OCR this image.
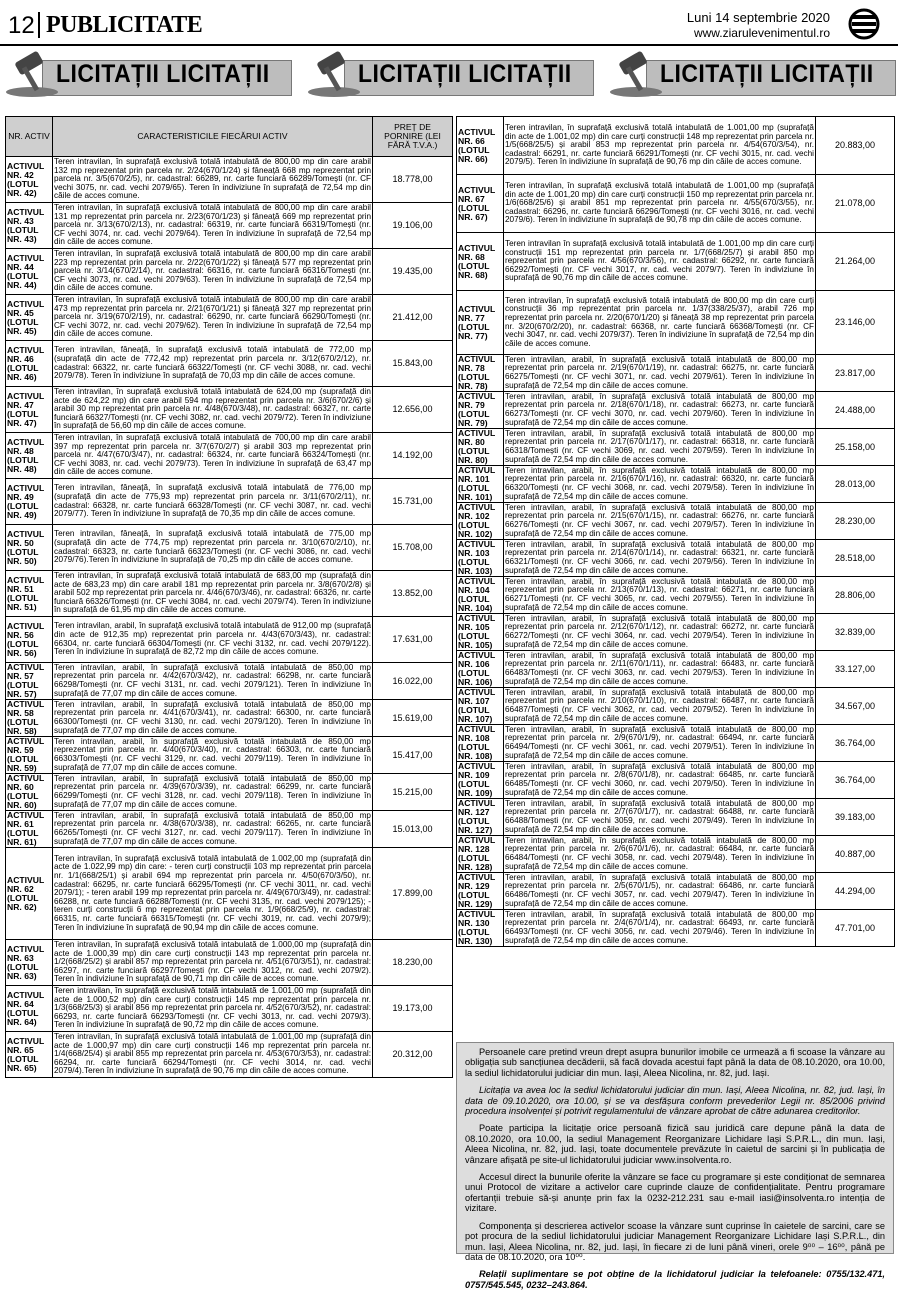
12 PUBLICITATE	Luni 14 septembrie 2020
www.ziarulevenimentul.ro
LICITAȚII LICITAȚII	LICITAȚII LICITAȚII	LICITAȚII LICITAȚII
NR. ACTIV	CARACTERISTICILE FIECĂRUI ACTIV	PREȚ DE PORNIRE (LEI FĂRĂ T.V.A.)
ACTIVUL NR. 42 (LOTUL NR. 42)	Teren intravilan, în suprafață exclusivă totală intabulată de 800,00 mp din care arabil 132 mp reprezentat prin parcela nr. 2/24(670/1/24) și fâneață 668 mp reprezentat prin parcela nr. 3/5(670/2/5), nr. cadastral: 66289, nr. carte funciară 66289/Tomești (nr. CF vechi 3075, nr. cad. vechi 2079/65). Teren în indiviziune în suprafață de 72,54 mp din căile de acces comune.	18.778,00
ACTIVUL NR. 43 (LOTUL NR. 43)	Teren intravilan, în suprafață exclusivă totală intabulată de 800,00 mp din care arabil 131 mp reprezentat prin parcela nr. 2/23(670/1/23) și fâneață 669 mp reprezentat prin parcela nr. 3/13(670/2/13), nr. cadastral: 66319, nr. carte funciară 66319/Tomești (nr. CF vechi 3074, nr. cad. vechi 2079/64). Teren în indiviziune în suprafață de 72,54 mp din căile de acces comune.	19.106,00
ACTIVUL NR. 44 (LOTUL NR. 44)	Teren intravilan, în suprafață exclusivă totală intabulată de 800,00 mp din care arabil 223 mp reprezentat prin parcela nr. 2/22(670/1/22) și fâneață 577 mp reprezentat prin parcela nr. 3/14(670/2/14), nr. cadastral: 66316, nr. carte funciară 66316/Tomești (nr. CF vechi 3073, nr. cad. vechi 2079/63). Teren în indiviziune în suprafață de 72,54 mp din căile de acces comune.	19.435,00
ACTIVUL NR. 45 (LOTUL NR. 45)	Teren intravilan, în suprafață exclusivă totală intabulată de 800,00 mp din care arabil 473 mp reprezentat prin parcela nr. 2/21(670/1/21) și fâneață 327 mp reprezentat prin parcela nr. 3/19(670/2/19), nr. cadastral: 66290, nr. carte funciară 66290/Tomești (nr. CF vechi 3072, nr. cad. vechi 2079/62). Teren în indiviziune în suprafață de 72,54 mp din căile de acces comune.	21.412,00
ACTIVUL NR. 46 (LOTUL NR. 46)	Teren intravilan, fâneață, în suprafață exclusivă totală intabulată de 772,00 mp (suprafață din acte de 772,42 mp) reprezentat prin parcela nr. 3/12(670/2/12), nr. cadastral: 66322, nr. carte funciară 66322/Tomești (nr. CF vechi 3088, nr. cad. vechi 2079/78). Teren în indiviziune în suprafață de 70,03 mp din căile de acces comune.	15.843,00
ACTIVUL NR. 47 (LOTUL NR. 47)	Teren intravilan, în suprafață exclusivă totală intabulată de 624,00 mp (suprafață din acte de 624,22 mp) din care arabil 594 mp reprezentat prin parcela nr. 3/6(670/2/6) și arabil 30 mp reprezentat prin parcela nr. 4/48(670/3/48), nr. cadastral: 66327, nr. carte funciară 66327/Tomești (nr. CF vechi 3082, nr. cad. vechi 2079/72). Teren în indiviziune în suprafață de 56,60 mp din căile de acces comune.	12.656,00
ACTIVUL NR. 48 (LOTUL NR. 48)	Teren intravilan, în suprafață exclusivă totală intabulată de 700,00 mp din care arabil 397 mp reprezentat prin parcela nr. 3/7(670/2/7) și arabil 303 mp reprezentat prin parcela nr. 4/47(670/3/47), nr. cadastral: 66324, nr. carte funciară 66324/Tomești (nr. CF vechi 3083, nr. cad. vechi 2079/73). Teren în indiviziune în suprafață de 63,47 mp din căile de acces comune.	14.192,00
ACTIVUL NR. 49 (LOTUL NR. 49)	Teren intravilan, fâneață, în suprafață exclusivă totală intabulată de 776,00 mp (suprafață din acte de 775,93 mp) reprezentat prin parcela nr. 3/11(670/2/11), nr. cadastral: 66328, nr. carte funciară 66328/Tomești (nr. CF vechi 3087, nr. cad. vechi 2079/77). Teren în indiviziune în suprafață de 70,35 mp din căile de acces comune.	15.731,00
ACTIVUL NR. 50 (LOTUL NR. 50)	Teren intravilan, fâneață, în suprafață exclusivă totală intabulată de 775,00 mp (suprafață din acte de 774,75 mp) reprezentat prin parcela nr. 3/10(670/2/10), nr. cadastral: 66323, nr. carte funciară 66323/Tomești (nr. CF vechi 3086, nr. cad. vechi 2079/76).Teren în indiviziune în suprafață de 70,25 mp din căile de acces comune.	15.708,00
ACTIVUL NR. 51 (LOTUL NR. 51)	Teren intravilan, în suprafață exclusivă totală intabulată de 683,00 mp (suprafață din acte de 683,23 mp) din care arabil 181 mp reprezentat prin parcela nr. 3/8(670/2/8) și arabil 502 mp reprezentat prin parcela nr. 4/46(670/3/46), nr. cadastral: 66326, nr. carte funciară 66326/Tomești (nr. CF vechi 3084, nr. cad. vechi 2079/74). Teren în indiviziune în suprafață de 61,95 mp din căile de acces comune.	13.852,00
ACTIVUL NR. 56 (LOTUL NR. 56)	Teren intravilan, arabil, în suprafață exclusivă totală intabulată de 912,00 mp (suprafață din acte de 912,35 mp) reprezentat prin parcela nr. 4/43(670/3/43), nr. cadastral: 66304, nr. carte funciară 66304/Tomești (nr. CF vechi 3132, nr. cad. vechi 2079/122). Teren în indiviziune în suprafață de 82,72 mp din căile de acces comune.	17.631,00
ACTIVUL NR. 57 (LOTUL NR. 57)	Teren intravilan, arabil, în suprafață exclusivă totală intabulată de 850,00 mp reprezentat prin parcela nr. 4/42(670/3/42), nr. cadastral: 66298, nr. carte funciară 66298/Tomești (nr. CF vechi 3131, nr. cad. vechi 2079/121). Teren în indiviziune în suprafață de 77,07 mp din căile de acces comune.	16.022,00
ACTIVUL NR. 58 (LOTUL NR. 58)	Teren intravilan, arabil, în suprafață exclusivă totală intabulată de 850,00 mp reprezentat prin parcela nr. 4/41(670/3/41), nr. cadastral: 66300, nr. carte funciară 66300/Tomești (nr. CF vechi 3130, nr. cad. vechi 2079/120). Teren în indiviziune în suprafață de 77,07 mp din căile de acces comune.	15.619,00
ACTIVUL NR. 59 (LOTUL NR. 59)	Teren intravilan, arabil, în suprafață exclusivă totală intabulată de 850,00 mp reprezentat prin parcela nr. 4/40(670/3/40), nr. cadastral: 66303, nr. carte funciară 66303/Tomești (nr. CF vechi 3129, nr. cad. vechi 2079/119). Teren în indiviziune în suprafață de 77,07 mp din căile de acces comune.	15.417,00
ACTIVUL NR. 60 (LOTUL NR. 60)	Teren intravilan, arabil, în suprafață exclusivă totală intabulată de 850,00 mp reprezentat prin parcela nr. 4/39(670/3/39), nr. cadastral: 66299, nr. carte funciară 66299/Tomești (nr. CF vechi 3128, nr. cad. vechi 2079/118). Teren în indiviziune în suprafață de 77,07 mp din căile de acces comune.	15.215,00
ACTIVUL NR. 61 (LOTUL NR. 61)	Teren intravilan, arabil, în suprafață exclusivă totală intabulată de 850,00 mp reprezentat prin parcela nr. 4/38(670/3/38), nr. cadastral: 66265, nr. carte funciară 66265/Tomești (nr. CF vechi 3127, nr. cad. vechi 2079/117). Teren în indiviziune în suprafață de 77,07 mp din căile de acces comune.	15.013,00
ACTIVUL NR. 62 (LOTUL NR. 62)	Teren intravilan, în suprafață exclusivă totală intabulată de 1.002,00 mp (suprafață din acte de 1.022,99 mp) din care: - teren curți construcții 103 mp reprezentat prin parcela nr. 1/1(668/25/1) și arabil 694 mp reprezentat prin parcela nr. 4/50(670/3/50), nr. cadastral: 66295, nr. carte funciară 66295/Tomești (nr. CF vechi 3011, nr. cad. vechi 2079/1); - teren arabil 199 mp reprezentat prin parcela nr. 4/49(670/3/49), nr. cadastral: 66288, nr. carte funciară 66288/Tomești (nr. CF vechi 3135, nr. cad. vechi 2079/125); - teren curți construcții 6 mp reprezentat prin parcela nr. 1/9(668/25/9), nr. cadastral: 66315, nr. carte funciară 66315/Tomești (nr. CF vechi 3019, nr. cad. vechi 2079/9); Teren în indiviziune în suprafață de 90,94 mp din căile de acces comune.	17.899,00
ACTIVUL NR. 63 (LOTUL NR. 63)	Teren intravilan, în suprafață exclusivă totală intabulată de 1.000,00 mp (suprafață din acte de 1.000,39 mp) din care curți construcții 143 mp reprezentat prin parcela nr. 1/2(668/25/2) și arabil 857 mp reprezentat prin parcela nr. 4/51(670/3/51), nr. cadastral: 66297, nr. carte funciară 66297/Tomești (nr. CF vechi 3012, nr. cad. vechi 2079/2). Teren în indiviziune în suprafață de 90,71 mp din căile de acces comune.	18.230,00
ACTIVUL NR. 64 (LOTUL NR. 64)	Teren intravilan, în suprafață exclusivă totală intabulată de 1.001,00 mp (suprafață din acte de 1.000,52 mp) din care curți construcții 145 mp reprezentat prin parcela nr. 1/3(668/25/3) și arabil 856 mp reprezentat prin parcela nr. 4/52(670/3/52), nr. cadastral: 66293, nr. carte funciară 66293/Tomești (nr. CF vechi 3013, nr. cad. vechi 2079/3). Teren în indiviziune în suprafață de 90,72 mp din căile de acces comune.	19.173,00
ACTIVUL NR. 65 (LOTUL NR. 65)	Teren intravilan, în suprafață exclusivă totală intabulată de 1.001,00 mp (suprafață din acte de 1.000,97 mp) din care curți construcții 146 mp reprezentat prin parcela nr. 1/4(668/25/4) și arabil 855 mp reprezentat prin parcela nr. 4/53(670/3/53), nr. cadastral: 66294, nr. carte funciară 66294/Tomești (nr. CF vechi 3014, nr. cad. vechi 2079/4).Teren în indiviziune în suprafață de 90,76 mp din căile de acces comune.	20.312,00
ACTIVUL NR. 66 (LOTUL NR. 66)	Teren intravilan, în suprafață exclusivă totală intabulată de 1.001,00 mp (suprafață din acte de 1.001,02 mp) din care curți construcții 148 mp reprezentat prin parcela nr. 1/5(668/25/5) și arabil 853 mp reprezentat prin parcela nr. 4/54(670/3/54), nr. cadastral: 66291, nr. carte funciară 66291/Tomești (nr. CF vechi 3015, nr. cad. vechi 2079/5). Teren în indiviziune în suprafață de 90,76 mp din căile de acces comune.	20.883,00
ACTIVUL NR. 67 (LOTUL NR. 67)	Teren intravilan, în suprafață exclusivă totală intabulată de 1.001,00 mp (suprafață din acte de 1.001,20 mp) din care curți construcții 150 mp reprezentat prin parcela nr. 1/6(668/25/6) și arabil 851 mp reprezentat prin parcela nr. 4/55(670/3/55), nr. cadastral: 66296, nr. carte funciară 66296/Tomești (nr. CF vechi 3016, nr. cad. vechi 2079/6). Teren în indiviziune în suprafață de 90,78 mp din căile de acces comune.	21.078,00
ACTIVUL NR. 68 (LOTUL NR. 68)	Teren intravilan în suprafață exclusivă totală intabulată de 1.001,00 mp din care curți construcții 151 mp reprezentat prin parcela nr. 1/7(668/25/7) și arabil 850 mp reprezentat prin parcela nr. 4/56(670/3/56), nr. cadastral: 66292, nr. carte funciară 66292/Tomești (nr. CF vechi 3017, nr. cad. vechi 2079/7). Teren în indiviziune în suprafață de 90,76 mp din căile de acces comune.	21.264,00
ACTIVUL NR. 77 (LOTUL NR. 77)	Teren intravilan, în suprafață exclusivă totală intabulată de 800,00 mp din care curți construcții 36 mp reprezentat prin parcela nr. 1/37(338/25/37), arabil 726 mp reprezentat prin parcela nr. 2/20(670/1/20) și fâneață 38 mp reprezentat prin parcela nr. 3/20(670/2/20), nr. cadastral: 66368, nr. carte funciară 66368/Tomești (nr. CF vechi 3047, nr. cad. vechi 2079/37). Teren în indiviziune în suprafață de 72,54 mp din căile de acces comune.	23.146,00
ACTIVUL NR. 78 (LOTUL NR. 78)	Teren intravilan, arabil, în suprafață exclusivă totală intabulată de 800,00 mp reprezentat prin parcela nr. 2/19(670/1/19), nr. cadastral: 66275, nr. carte funciară 66275/Tomești (nr. CF vechi 3071, nr. cad. vechi 2079/61). Teren în indiviziune în suprafață de 72,54 mp din căile de acces comune.	23.817,00
ACTIVUL NR. 79 (LOTUL NR. 79)	Teren intravilan, arabil, în suprafață exclusivă totală intabulată de 800,00 mp reprezentat prin parcela nr. 2/18(670/1/18), nr. cadastral: 66273, nr. carte funciară 66273/Tomești (nr. CF vechi 3070, nr. cad. vechi 2079/60). Teren în indiviziune în suprafață de 72,54 mp din căile de acces comune.	24.488,00
ACTIVUL NR. 80 (LOTUL NR. 80)	Teren intravilan, arabil, în suprafață exclusivă totală intabulată de 800,00 mp reprezentat prin parcela nr. 2/17(670/1/17), nr. cadastral: 66318, nr. carte funciară 66318/Tomești (nr. CF vechi 3069, nr. cad. vechi 2079/59). Teren în indiviziune în suprafață de 72,54 mp din căile de acces comune.	25.158,00
ACTIVUL NR. 101 (LOTUL NR. 101)	Teren intravilan, arabil, în suprafață exclusivă totală intabulată de 800,00 mp reprezentat prin parcela nr. 2/16(670/1/16), nr. cadastral: 66320, nr. carte funciară 66320/Tomești (nr. CF vechi 3068, nr. cad. vechi 2079/58). Teren în indiviziune în suprafață de 72,54 mp din căile de acces comune.	28.013,00
ACTIVUL NR. 102 (LOTUL NR. 102)	Teren intravilan, arabil, în suprafață exclusivă totală intabulată de 800,00 mp reprezentat prin parcela nr. 2/15(670/1/15), nr. cadastral: 66276, nr. carte funciară 66276/Tomești (nr. CF vechi 3067, nr. cad. vechi 2079/57). Teren în indiviziune în suprafață de 72,54 mp din căile de acces comune.	28.230,00
ACTIVUL NR. 103 (LOTUL NR. 103)	Teren intravilan, arabil, în suprafață exclusivă totală intabulată de 800,00 mp reprezentat prin parcela nr. 2/14(670/1/14), nr. cadastral: 66321, nr. carte funciară 66321/Tomești (nr. CF vechi 3066, nr. cad. vechi 2079/56). Teren în indiviziune în suprafață de 72,54 mp din căile de acces comune.	28.518,00
ACTIVUL NR. 104 (LOTUL NR. 104)	Teren intravilan, arabil, în suprafață exclusivă totală intabulată de 800,00 mp reprezentat prin parcela nr. 2/13(670/1/13), nr. cadastral: 66271, nr. carte funciară 66271/Tomești (nr. CF vechi 3065, nr. cad. vechi 2079/55). Teren în indiviziune în suprafață de 72,54 mp din căile de acces comune.	28.806,00
ACTIVUL NR. 105 (LOTUL NR. 105)	Teren intravilan, arabil, în suprafață exclusivă totală intabulată de 800,00 mp reprezentat prin parcela nr. 2/12(670/1/12), nr. cadastral: 66272, nr. carte funciară 66272/Tomești (nr. CF vechi 3064, nr. cad. vechi 2079/54). Teren în indiviziune în suprafață de 72,54 mp din căile de acces comune.	32.839,00
ACTIVUL NR. 106 (LOTUL NR. 106)	Teren intravilan, arabil, în suprafață exclusivă totală intabulată de 800,00 mp reprezentat prin parcela nr. 2/11(670/1/11), nr. cadastral: 66483, nr. carte funciară 66483/Tomești (nr. CF vechi 3063, nr. cad. vechi 2079/53). Teren în indiviziune în suprafață de 72,54 mp din căile de acces comune.	33.127,00
ACTIVUL NR. 107 (LOTUL NR. 107)	Teren intravilan, arabil, în suprafață exclusivă totală intabulată de 800,00 mp reprezentat prin parcela nr. 2/10(670/1/10), nr. cadastral: 66487, nr. carte funciară 66487/Tomești (nr. CF vechi 3062, nr. cad. vechi 2079/52). Teren în indiviziune în suprafață de 72,54 mp din căile de acces comune.	34.567,00
ACTIVUL NR. 108 (LOTUL NR. 108)	Teren intravilan, arabil, în suprafață exclusivă totală intabulată de 800,00 mp reprezentat prin parcela nr. 2/9(670/1/9), nr. cadastral: 66494, nr. carte funciară 66494/Tomești (nr. CF vechi 3061, nr. cad. vechi 2079/51). Teren în indiviziune în suprafață de 72,54 mp din căile de acces comune.	36.764,00
ACTIVUL NR. 109 (LOTUL NR. 109)	Teren intravilan, arabil, în suprafață exclusivă totală intabulată de 800,00 mp reprezentat prin parcela nr. 2/8(670/1/8), nr. cadastral: 66485, nr. carte funciară 66485/Tomești (nr. CF vechi 3060, nr. cad. vechi 2079/50). Teren în indiviziune în suprafață de 72,54 mp din căile de acces comune.	36.764,00
ACTIVUL NR. 127 (LOTUL NR. 127)	Teren intravilan, arabil, în suprafață exclusivă totală intabulată de 800,00 mp reprezentat prin parcela nr. 2/7(670/1/7), nr. cadastral: 66488, nr. carte funciară 66488/Tomești (nr. CF vechi 3059, nr. cad. vechi 2079/49). Teren în indiviziune în suprafață de 72,54 mp din căile de acces comune.	39.183,00
ACTIVUL NR. 128 (LOTUL NR. 128)	Teren intravilan, arabil, în suprafață exclusivă totală intabulată de 800,00 mp reprezentat prin parcela nr. 2/6(670/1/6), nr. cadastral: 66484, nr. carte funciară 66484/Tomești (nr. CF vechi 3058, nr. cad. vechi 2079/48). Teren în indiviziune în suprafață de 72,54 mp din căile de acces comune.	40.887,00
ACTIVUL NR. 129 (LOTUL NR. 129)	Teren intravilan, arabil, în suprafață exclusivă totală intabulată de 800,00 mp reprezentat prin parcela nr. 2/5(670/1/5), nr. cadastral: 66486, nr. carte funciară 66486/Tomești (nr. CF vechi 3057, nr. cad. vechi 2079/47). Teren în indiviziune în suprafață de 72,54 mp din căile de acces comune.	44.294,00
ACTIVUL NR. 130 (LOTUL NR. 130)	Teren intravilan, arabil, în suprafață exclusivă totală intabulată de 800,00 mp reprezentat prin parcela nr. 2/4(670/1/4), nr. cadastral: 66493, nr. carte funciară 66493/Tomești (nr. CF vechi 3056, nr. cad. vechi 2079/46). Teren în indiviziune în suprafață de 72,54 mp din căile de acces comune.	47.701,00

Persoanele care pretind vreun drept asupra bunurilor imobile ce urmează a fi scoase la vânzare au obligația sub sancțiunea decăderii, să facă dovada acestui fapt până la data de 08.10.2020, ora 10.00, la sediul lichidatorului judiciar din mun. Iași, Aleea Nicolina, nr. 82, jud. Iași.

Licitația va avea loc la sediul lichidatorului judiciar din mun. Iași, Aleea Nicolina, nr. 82, jud. Iași, în data de 09.10.2020, ora 10.00, și se va desfășura conform prevederilor Legii nr. 85/2006 privind procedura insolvenței și potrivit regulamentului de vânzare aprobat de către adunarea creditorilor.

Poate participa la licitație orice persoană fizică sau juridică care depune până la data de 08.10.2020, ora 10.00, la sediul Management Reorganizare Lichidare Iași S.P.R.L., din mun. Iași, Aleea Nicolina, nr. 82, jud. Iași, toate documentele prevăzute în caietul de sarcini și în publicația de vânzare afișată pe site-ul lichidatorului judiciar www.insolventa.ro.

Accesul direct la bunurile oferite la vânzare se face cu programare și este condiționat de semnarea unui Protocol de vizitare a activelor care cuprinde clauze de confidențialitate. Pentru programare ofertanții trebuie să-și anunțe prin fax la 0232-212.231 sau e-mail iasi@insolventa.ro intenția de vizitare.

Componența și descrierea activelor scoase la vânzare sunt cuprinse în caietele de sarcini, care se pot procura de la sediul lichidatorului judiciar Management Reorganizare Lichidare Iași S.P.R.L., din mun. Iași, Aleea Nicolina, nr. 82, jud. Iași, în fiecare zi de luni până vineri, orele 9⁰⁰ – 16⁰⁰, până pe data de 08.10.2020, ora 10⁰⁰.

Relații suplimentare se pot obține de la lichidatorul judiciar la telefoanele: 0755/132.471, 0757/545.545, 0232–243.864.
